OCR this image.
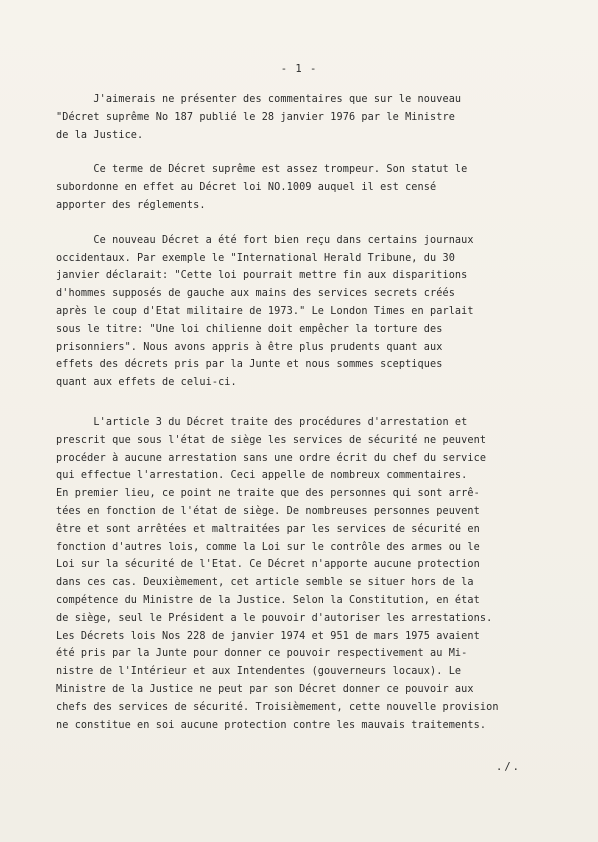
- 1 -

J'aimerais ne présenter des commentaires que sur le nouveau
"Décret suprême No 187 publié le 28 janvier 1976 par le Ministre
de la Justice.

Ce terme de Décret suprême est assez trompeur. Son statut le
subordonne en effet au Décret loi NO.1009 auquel il est censé
apporter des réglements.

Ce nouveau Décret a été fort bien reçu dans certains journaux
occidentaux. Par exemple le "International Herald Tribune, du 30
janvier déclarait: "Cette loi pourrait mettre fin aux disparitions
d'hommes supposés de gauche aux mains des services secrets créés
après le coup d'Etat militaire de 1973." Le London Times en parlait
sous le titre: "Une loi chilienne doit empêcher la torture des
prisonniers". Nous avons appris à être plus prudents quant aux
effets des décrets pris par la Junte et nous sommes sceptiques
quant aux effets de celui-ci.

L'article 3 du Décret traite des procédures d'arrestation et
prescrit que sous l'état de siège les services de sécurité ne peuvent
procéder à aucune arrestation sans une ordre écrit du chef du service
qui effectue l'arrestation. Ceci appelle de nombreux commentaires.
En premier lieu, ce point ne traite que des personnes qui sont arrê-
tées en fonction de l'état de siège. De nombreuses personnes peuvent
être et sont arrêtées et maltraitées par les services de sécurité en
fonction d'autres lois, comme la Loi sur le contrôle des armes ou le
Loi sur la sécurité de l'Etat. Ce Décret n'apporte aucune protection
dans ces cas. Deuxièmement, cet article semble se situer hors de la
compétence du Ministre de la Justice. Selon la Constitution, en état
de siège, seul le Président a le pouvoir d'autoriser les arrestations.
Les Décrets lois Nos 228 de janvier 1974 et 951 de mars 1975 avaient
été pris par la Junte pour donner ce pouvoir respectivement au Mi-
nistre de l'Intérieur et aux Intendentes (gouverneurs locaux). Le
Ministre de la Justice ne peut par son Décret donner ce pouvoir aux
chefs des services de sécurité. Troisièmement, cette nouvelle provision
ne constitue en soi aucune protection contre les mauvais traitements.

./.
